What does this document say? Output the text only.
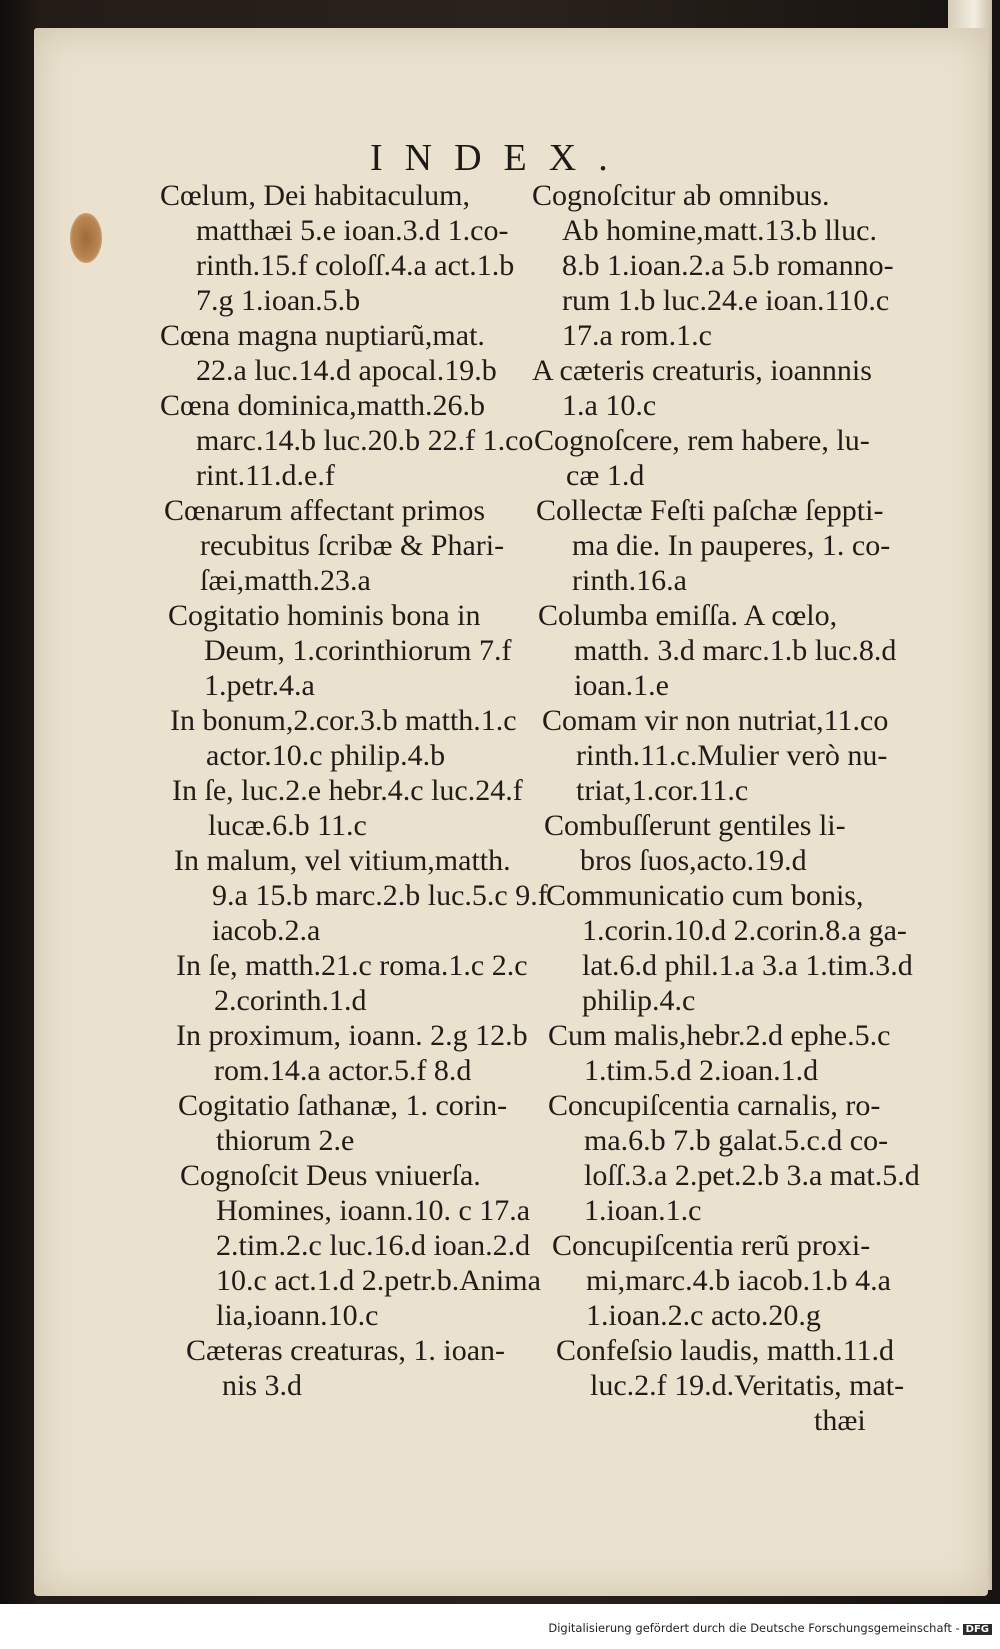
INDEX.
Cœlum, Dei habitaculum,
matthæi 5.e ioan.3.d 1.co-
rinth.15.f coloſſ.4.a act.1.b
7.g 1.ioan.5.b
Cœna magna nuptiarũ,mat.
22.a luc.14.d apocal.19.b
Cœna dominica,matth.26.b
marc.14.b luc.20.b 22.f 1.co
rint.11.d.e.f
Cœnarum affectant primos
recubitus ſcribæ & Phari-
ſæi,matth.23.a
Cogitatio hominis bona in
Deum, 1.corinthiorum 7.f
1.petr.4.a
In bonum,2.cor.3.b matth.1.c
actor.10.c philip.4.b
In ſe, luc.2.e hebr.4.c luc.24.f
lucæ.6.b 11.c
In malum, vel vitium,matth.
9.a 15.b marc.2.b luc.5.c 9.f
iacob.2.a
In ſe, matth.21.c roma.1.c 2.c
2.corinth.1.d
In proximum, ioann. 2.g 12.b
rom.14.a actor.5.f 8.d
Cogitatio ſathanæ, 1. corin-
thiorum 2.e
Cognoſcit Deus vniuerſa.
Homines, ioann.10. c 17.a
2.tim.2.c luc.16.d ioan.2.d
10.c act.1.d 2.petr.b.Anima
lia,ioann.10.c
Cæteras creaturas, 1. ioan-
nis 3.d
Cognoſcitur ab omnibus.
Ab homine,matt.13.b lluc.
8.b 1.ioan.2.a 5.b romanno-
rum 1.b luc.24.e ioan.110.c
17.a rom.1.c
A cæteris creaturis, ioannnis
1.a 10.c
Cognoſcere, rem habere, lu-
cæ 1.d
Collectæ Feſti paſchæ ſeppti-
ma die. In pauperes, 1. co-
rinth.16.a
Columba emiſſa. A cœlo,
matth. 3.d marc.1.b luc.8.d
ioan.1.e
Comam vir non nutriat,11.co
rinth.11.c.Mulier verò nu-
triat,1.cor.11.c
Combuſſerunt gentiles li-
bros ſuos,acto.19.d
Communicatio cum bonis,
1.corin.10.d 2.corin.8.a ga-
lat.6.d phil.1.a 3.a 1.tim.3.d
philip.4.c
Cum malis,hebr.2.d ephe.5.c
1.tim.5.d 2.ioan.1.d
Concupiſcentia carnalis, ro-
ma.6.b 7.b galat.5.c.d co-
loſſ.3.a 2.pet.2.b 3.a mat.5.d
1.ioan.1.c
Concupiſcentia rerũ proxi-
mi,marc.4.b iacob.1.b 4.a
1.ioan.2.c acto.20.g
Confeſsio laudis, matth.11.d
luc.2.f 19.d.Veritatis, mat-
thæi
Digitalisierung gefördert durch die Deutsche Forschungsgemeinschaft - DFG
